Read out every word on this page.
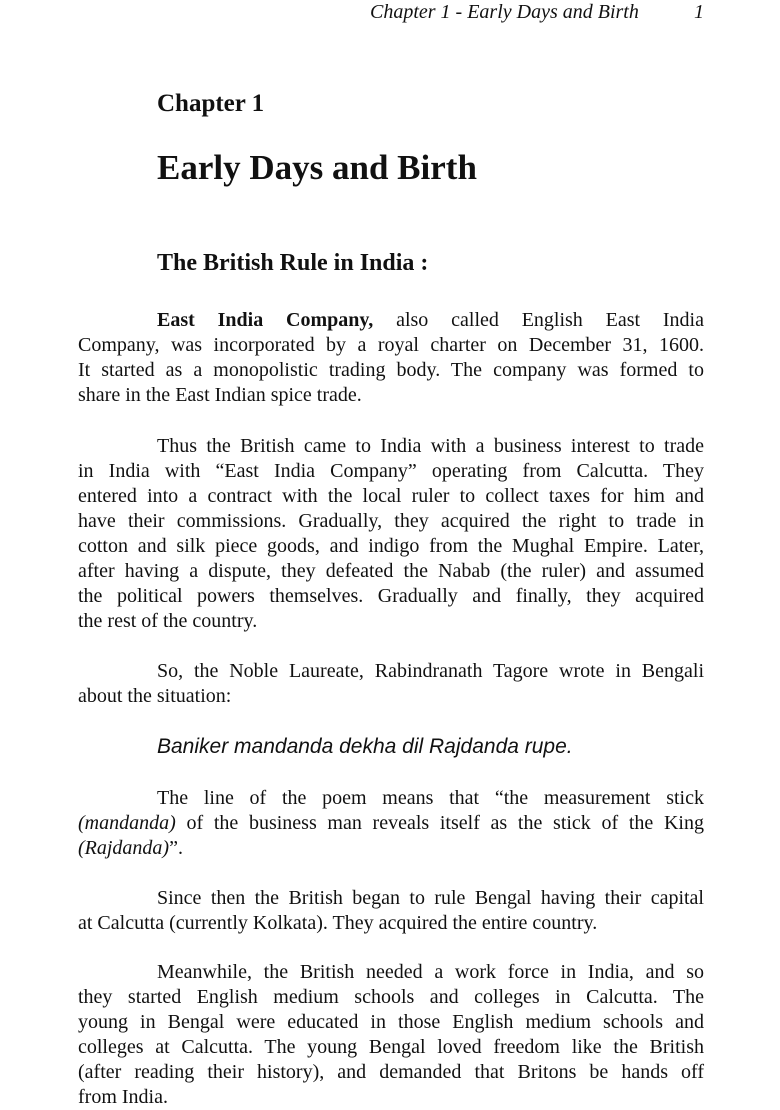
Chapter 1 - Early Days and Birth	1
Chapter 1
Early Days and Birth
The British Rule in India :
East India Company, also called English East India
Company, was incorporated by a royal charter on December 31, 1600.
It started as a monopolistic trading body. The company was formed to
share in the East Indian spice trade.
Thus the British came to India with a business interest to trade
in India with “East India Company” operating from Calcutta. They
entered into a contract with the local ruler to collect taxes for him and
have their commissions. Gradually, they acquired the right to trade in
cotton and silk piece goods, and indigo from the Mughal Empire. Later,
after having a dispute, they defeated the Nabab (the ruler) and assumed
the political powers themselves. Gradually and finally, they acquired
the rest of the country.
So, the Noble Laureate, Rabindranath Tagore wrote in Bengali
about the situation:
Baniker mandanda dekha dil Rajdanda rupe.
The line of the poem means that “the measurement stick
(mandanda) of the business man reveals itself as the stick of the King
(Rajdanda)”.
Since then the British began to rule Bengal having their capital
at Calcutta (currently Kolkata). They acquired the entire country.
Meanwhile, the British needed a work force in India, and so
they started English medium schools and colleges in Calcutta. The
young in Bengal were educated in those English medium schools and
colleges at Calcutta. The young Bengal loved freedom like the British
(after reading their history), and demanded that Britons be hands off
from India.
